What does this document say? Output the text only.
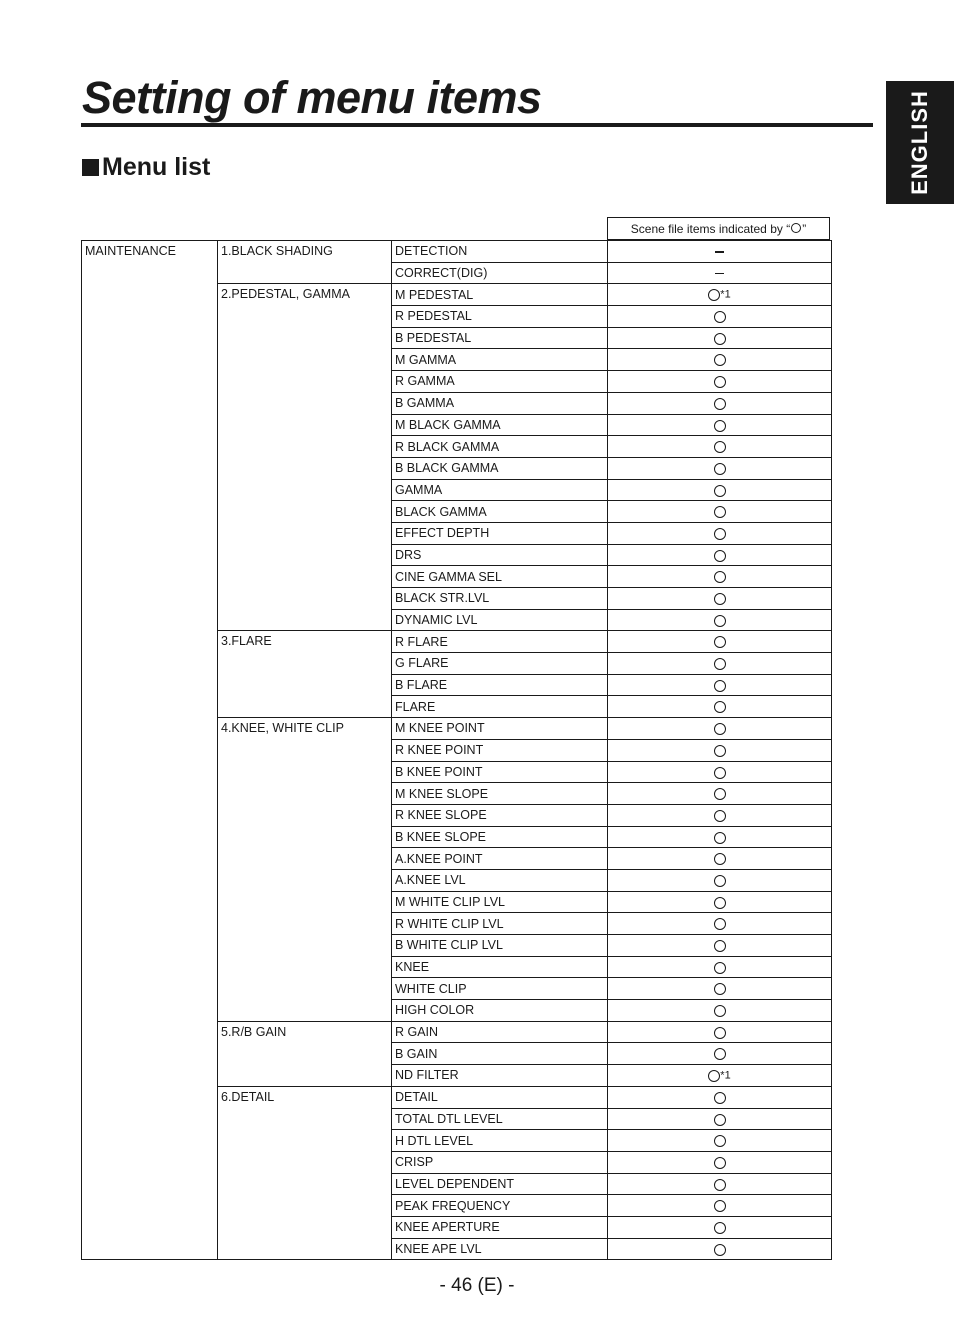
Setting of menu items
Menu list	ENGLISH
Scene file items indicated by “ ”
MAINTENANCE	1.BLACK SHADING	DETECTION	
		CORRECT(DIG)	
	2.PEDESTAL, GAMMA	M PEDESTAL	*1
		R PEDESTAL	
		B PEDESTAL	
		M GAMMA	
		R GAMMA	
		B GAMMA	
		M BLACK GAMMA	
		R BLACK GAMMA	
		B BLACK GAMMA	
		GAMMA	
		BLACK GAMMA	
		EFFECT DEPTH	
		DRS	
		CINE GAMMA SEL	
		BLACK STR.LVL	
		DYNAMIC LVL	
	3.FLARE	R FLARE	
		G FLARE	
		B FLARE	
		FLARE	
	4.KNEE, WHITE CLIP	M KNEE POINT	
		R KNEE POINT	
		B KNEE POINT	
		M KNEE SLOPE	
		R KNEE SLOPE	
		B KNEE SLOPE	
		A.KNEE POINT	
		A.KNEE LVL	
		M WHITE CLIP LVL	
		R WHITE CLIP LVL	
		B WHITE CLIP LVL	
		KNEE	
		WHITE CLIP	
		HIGH COLOR	
	5.R/B GAIN	R GAIN	
		B GAIN	
		ND FILTER	*1
	6.DETAIL	DETAIL	
		TOTAL DTL LEVEL	
		H DTL LEVEL	
		CRISP	
		LEVEL DEPENDENT	
		PEAK FREQUENCY	
		KNEE APERTURE	
		KNEE APE LVL	
- 46 (E) -
